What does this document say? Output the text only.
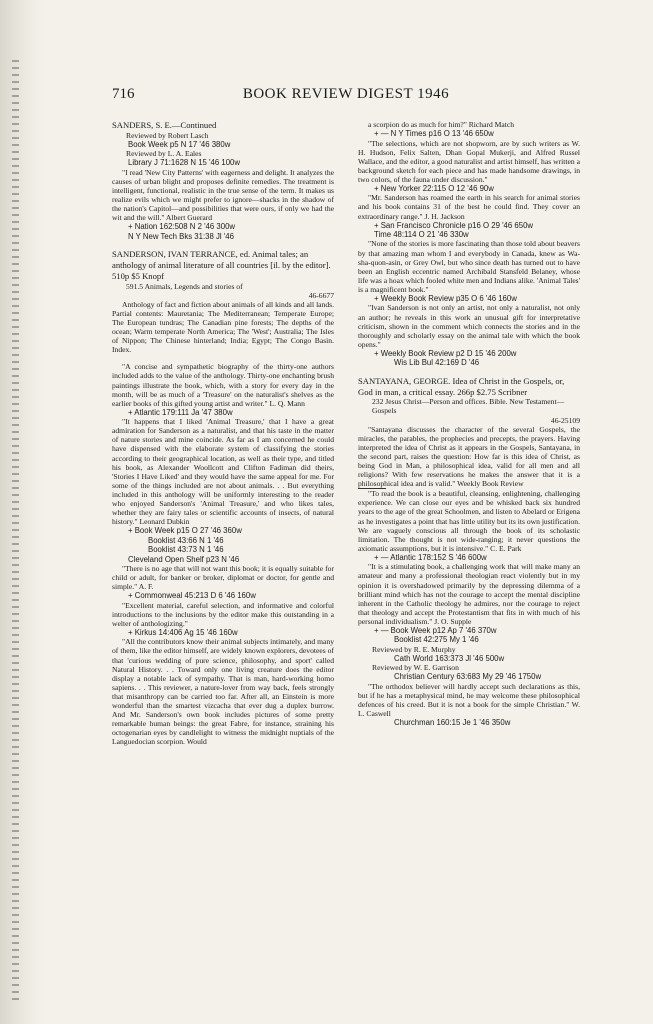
716	BOOK REVIEW DIGEST 1946
SANDERS, S. E.—Continued
Reviewed by Robert Lasch
Book Week p5 N 17 '46 380w
Reviewed by L. A. Eales
Library J 71:1628 N 15 '46 100w
"I read 'New City Patterns' with eagerness and delight. It analyzes the causes of urban blight and proposes definite remedies. The treatment is intelligent, functional, realistic in the true sense of the term. It makes us realize evils which we might prefer to ignore—shacks in the shadow of the nation's Capitol—and possibilities that were ours, if only we had the wit and the will." Albert Guerard
+ Nation 162:508 N 2 '46 300w
N Y New Tech Bks 31:38 Jl '46
SANDERSON, IVAN TERRANCE, ed. Animal tales; an anthology of animal literature of all countries [il. by the editor]. 510p $5 Knopf
591.5 Animals, Legends and stories of
46-6677
Anthology of fact and fiction about animals of all kinds and all lands. Partial contents: Mauretania; The Mediterranean; Temperate Europe; The European tundras; The Canadian pine forests; The depths of the ocean; Warm temperate North America; The 'West'; Australia; The Isles of Nippon; The Chinese hinterland; India; Egypt; The Congo Basin. Index.
"A concise and sympathetic biography of the thirty-one authors included adds to the value of the anthology. Thirty-one enchanting brush paintings illustrate the book, which, with a story for every day in the month, will be as much of a 'Treasure' on the naturalist's shelves as the earlier books of this gifted young artist and writer." L. Q. Mann
+ Atlantic 179:111 Ja '47 380w
"It happens that I liked 'Animal Treasure,' that I have a great admiration for Sanderson as a naturalist, and that his taste in the matter of nature stories and mine coincide. As far as I am concerned he could have dispensed with the elaborate system of classifying the stories according to their geographical location, as well as their type, and titled his book, as Alexander Woollcott and Clifton Fadiman did theirs, 'Stories I Have Liked' and they would have the same appeal for me. For some of the things included are not about animals. . . But everything included in this anthology will be uniformly interesting to the reader who enjoyed Sanderson's 'Animal Treasure,' and who likes tales, whether they are fairy tales or scientific accounts of insects, of natural history." Leonard Dubkin
+ Book Week p15 O 27 '46 360w
Booklist 43:66 N 1 '46
Booklist 43:73 N 1 '46
Cleveland Open Shelf p23 N '46
"There is no age that will not want this book; it is equally suitable for child or adult, for banker or broker, diplomat or doctor, for gentle and simple." A. F.
+ Commonweal 45:213 D 6 '46 160w
"Excellent material, careful selection, and informative and colorful introductions to the inclusions by the editor make this outstanding in a welter of anthologizing."
+ Kirkus 14:406 Ag 15 '46 160w
"All the contributors know their animal subjects intimately, and many of them, like the editor himself, are widely known explorers, devotees of that 'curious wedding of pure science, philosophy, and sport' called Natural History. . . Toward only one living creature does the editor display a notable lack of sympathy. That is man, hard-working homo sapiens. . . This reviewer, a nature-lover from way back, feels strongly that misanthropy can be carried too far. After all, an Einstein is more wonderful than the smartest vizcacha that ever dug a duplex burrow. And Mr. Sanderson's own book includes pictures of some pretty remarkable human beings: the great Fabre, for instance, straining his octogenarian eyes by candlelight to witness the midnight nuptials of the Languedocian scorpion. Would
a scorpion do as much for him?" Richard Match
+ — N Y Times p16 O 13 '46 650w
"The selections, which are not shopworn, are by such writers as W. H. Hudson, Felix Salten, Dhan Gopal Mukerji, and Alfred Russel Wallace, and the editor, a good naturalist and artist himself, has written a background sketch for each piece and has made handsome drawings, in two colors, of the fauna under discussion."
+ New Yorker 22:115 O 12 '46 90w
"Mr. Sanderson has roamed the earth in his search for animal stories and his book contains 31 of the best he could find. They cover an extraordinary range." J. H. Jackson
+ San Francisco Chronicle p16 O 29 '46 650w
Time 48:114 O 21 '46 330w
"None of the stories is more fascinating than those told about beavers by that amazing man whom I and everybody in Canada, knew as Wa-sha-quon-asin, or Grey Owl, but who since death has turned out to have been an English eccentric named Archibald Stansfeld Belaney, whose life was a hoax which fooled white men and Indians alike. 'Animal Tales' is a magnificent book."
+ Weekly Book Review p35 O 6 '46 160w
"Ivan Sanderson is not only an artist, not only a naturalist, not only an author; he reveals in this work an unusual gift for interpretative criticism, shown in the comment which connects the stories and in the thoroughly and scholarly essay on the animal tale with which the book opens."
+ Weekly Book Review p2 D 15 '46 200w
Wis Lib Bul 42:169 D '46
SANTAYANA, GEORGE. Idea of Christ in the Gospels, or, God in man, a critical essay. 266p $2.75 Scribner
232 Jesus Christ—Person and offices. Bible. New Testament—Gospels
46-25109
"Santayana discusses the character of the several Gospels, the miracles, the parables, the prophecies and precepts, the prayers. Having interpreted the idea of Christ as it appears in the Gospels, Santayana, in the second part, raises the question: How far is this idea of Christ, as being God in Man, a philosophical idea, valid for all men and all religions? With few reservations he makes the answer that it is a philosophical idea and is valid." Weekly Book Review
"To read the book is a beautiful, cleansing, enlightening, challenging experience. We can close our eyes and be whisked back six hundred years to the age of the great Schoolmen, and listen to Abelard or Erigena as he investigates a point that has little utility but its its own justification. We are vaguely conscious all through the book of its scholastic limitation. The thought is not wide-ranging; it never questions the axiomatic assumptions, but it is intensive." C. E. Park
+ — Atlantic 178:152 S '46 600w
"It is a stimulating book, a challenging work that will make many an amateur and many a professional theologian react violently but in my opinion it is overshadowed primarily by the depressing dilemma of a brilliant mind which has not the courage to accept the mental discipline inherent in the Catholic theology he admires, nor the courage to reject that theology and accept the Protestantism that fits in with much of his personal individualism." J. O. Supple
+ — Book Week p12 Ap 7 '46 370w
Booklist 42:275 My 1 '46
Reviewed by R. E. Murphy
Cath World 163:373 Jl '46 500w
Reviewed by W. E. Garrison
Christian Century 63:683 My 29 '46 1750w
"The orthodox believer will hardly accept such declarations as this, but if he has a metaphysical mind, he may welcome these philosophical defences of his creed. But it is not a book for the simple Christian." W. L. Caswell
Churchman 160:15 Je 1 '46 350w
